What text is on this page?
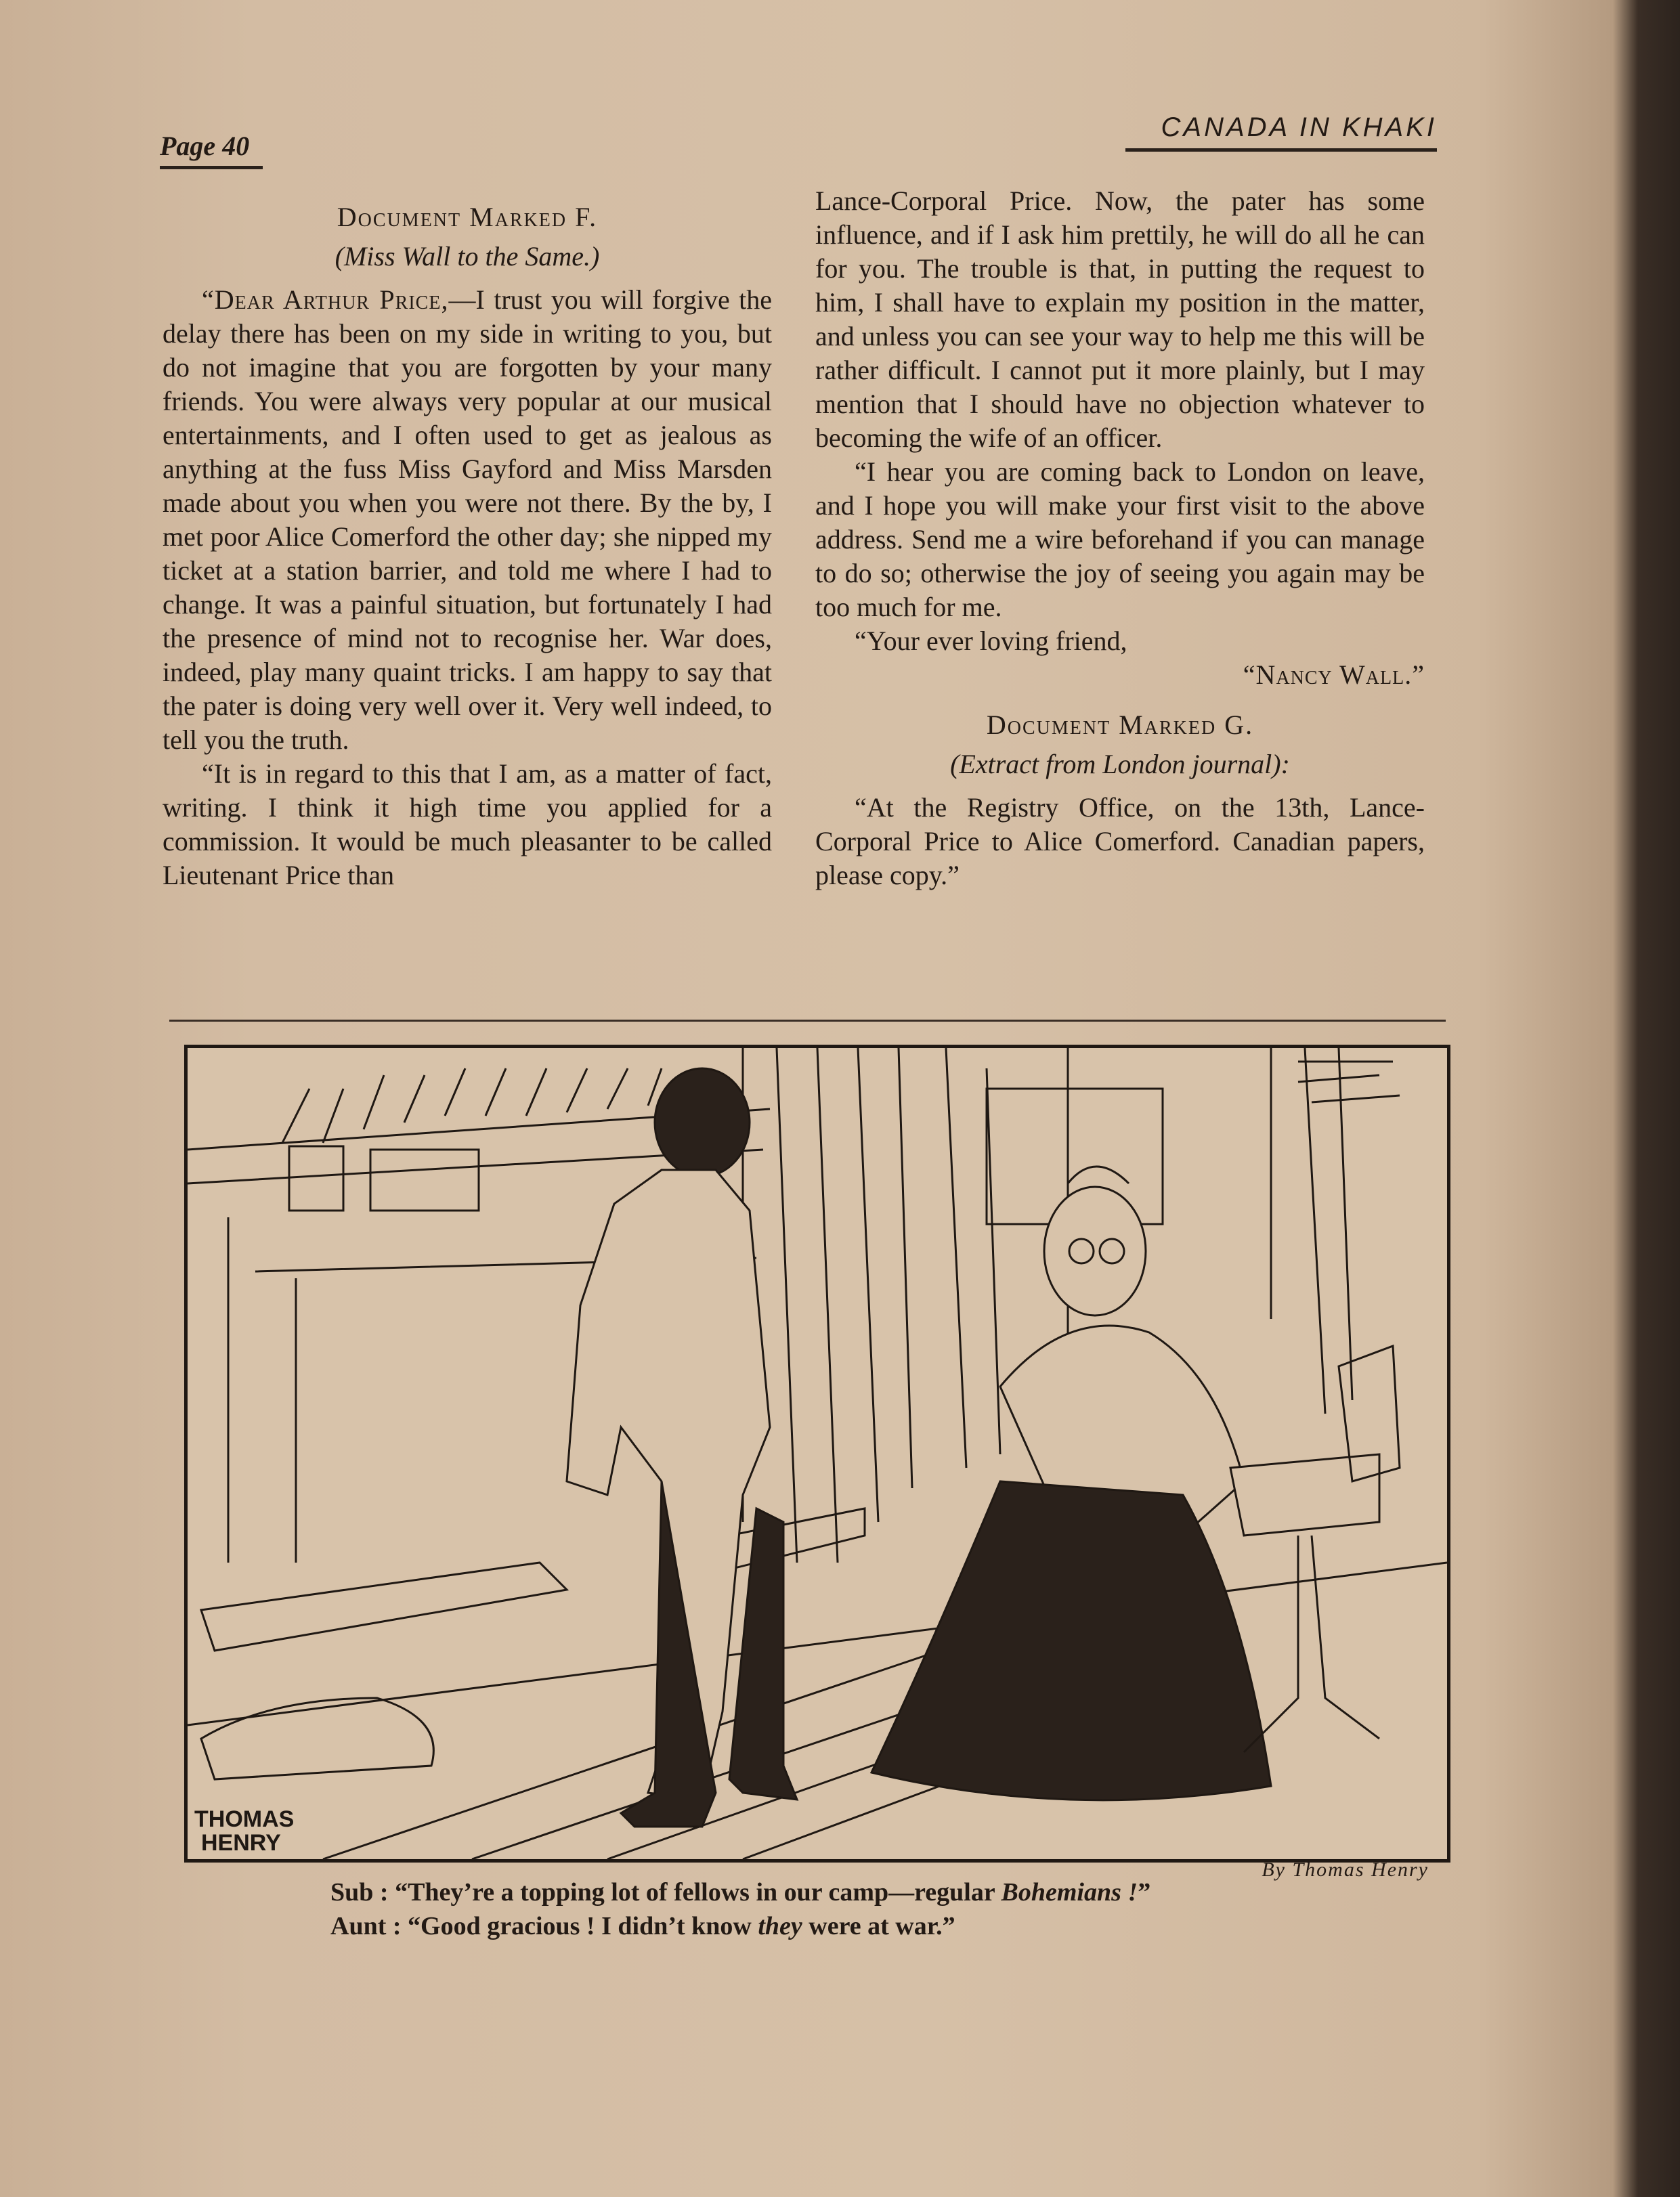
Page 40
CANADA IN KHAKI
Document Marked F.
(Miss Wall to the Same.)

“Dear Arthur Price,—I trust you will forgive the delay there has been on my side in writing to you, but do not imagine that you are forgotten by your many friends. You were always very popular at our musical entertainments, and I often used to get as jealous as anything at the fuss Miss Gayford and Miss Marsden made about you when you were not there. By the by, I met poor Alice Comerford the other day; she nipped my ticket at a station barrier, and told me where I had to change. It was a painful situation, but fortunately I had the presence of mind not to recognise her. War does, indeed, play many quaint tricks. I am happy to say that the pater is doing very well over it. Very well indeed, to tell you the truth.

“It is in regard to this that I am, as a matter of fact, writing. I think it high time you applied for a commission. It would be much pleasanter to be called Lieutenant Price than

Lance-Corporal Price. Now, the pater has some influence, and if I ask him prettily, he will do all he can for you. The trouble is that, in putting the request to him, I shall have to explain my position in the matter, and unless you can see your way to help me this will be rather difficult. I cannot put it more plainly, but I may mention that I should have no objection whatever to becoming the wife of an officer.

“I hear you are coming back to London on leave, and I hope you will make your first visit to the above address. Send me a wire beforehand if you can manage to do so; otherwise the joy of seeing you again may be too much for me.

“Your ever loving friend,

“Nancy Wall.”

Document Marked G.
(Extract from London journal):

“At the Registry Office, on the 13th, Lance-Corporal Price to Alice Comerford. Canadian papers, please copy.”

THOMAS
HENRY
By Thomas Henry
Sub : “They’re a topping lot of fellows in our camp—regular Bohemians !”
Aunt : “Good gracious ! I didn’t know they were at war.”
